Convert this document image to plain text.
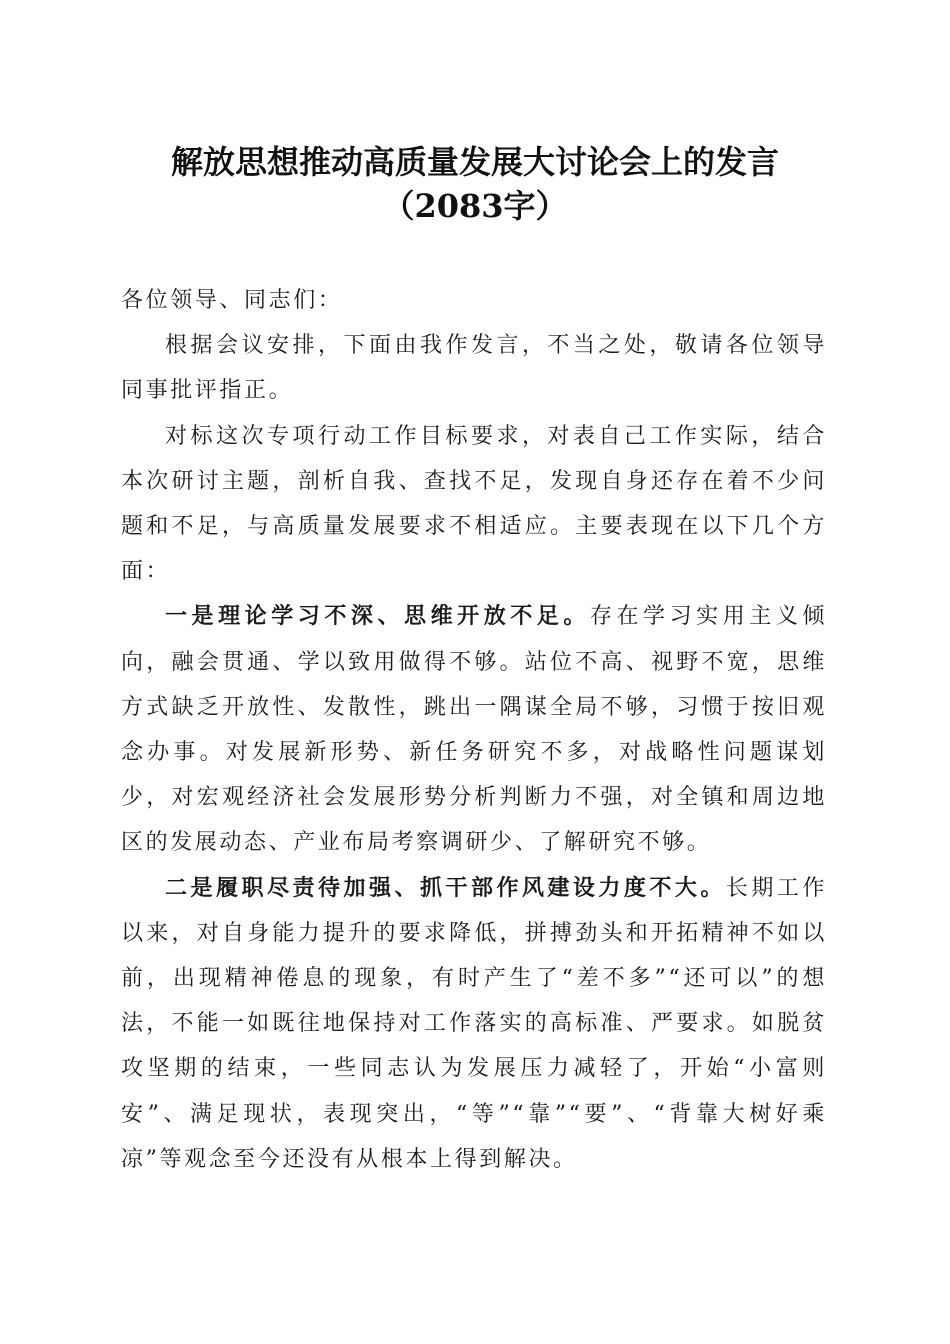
解放思想推动高质量发展大讨论会上的发言
（2083字）

各位领导、同志们：

根据会议安排，下面由我作发言，不当之处，敬请各位领导同事批评指正。

对标这次专项行动工作目标要求，对表自己工作实际，结合本次研讨主题，剖析自我、查找不足，发现自身还存在着不少问题和不足，与高质量发展要求不相适应。主要表现在以下几个方面：

一是理论学习不深、思维开放不足。存在学习实用主义倾向，融会贯通、学以致用做得不够。站位不高、视野不宽，思维方式缺乏开放性、发散性，跳出一隅谋全局不够，习惯于按旧观念办事。对发展新形势、新任务研究不多，对战略性问题谋划少，对宏观经济社会发展形势分析判断力不强，对全镇和周边地区的发展动态、产业布局考察调研少、了解研究不够。

二是履职尽责待加强、抓干部作风建设力度不大。长期工作以来，对自身能力提升的要求降低，拼搏劲头和开拓精神不如以前，出现精神倦息的现象，有时产生了“差不多”“还可以”的想法，不能一如既往地保持对工作落实的高标准、严要求。如脱贫攻坚期的结束，一些同志认为发展压力减轻了，开始“小富则安”、满足现状，表现突出，“等”“靠”“要”、“背靠大树好乘凉”等观念至今还没有从根本上得到解决。
